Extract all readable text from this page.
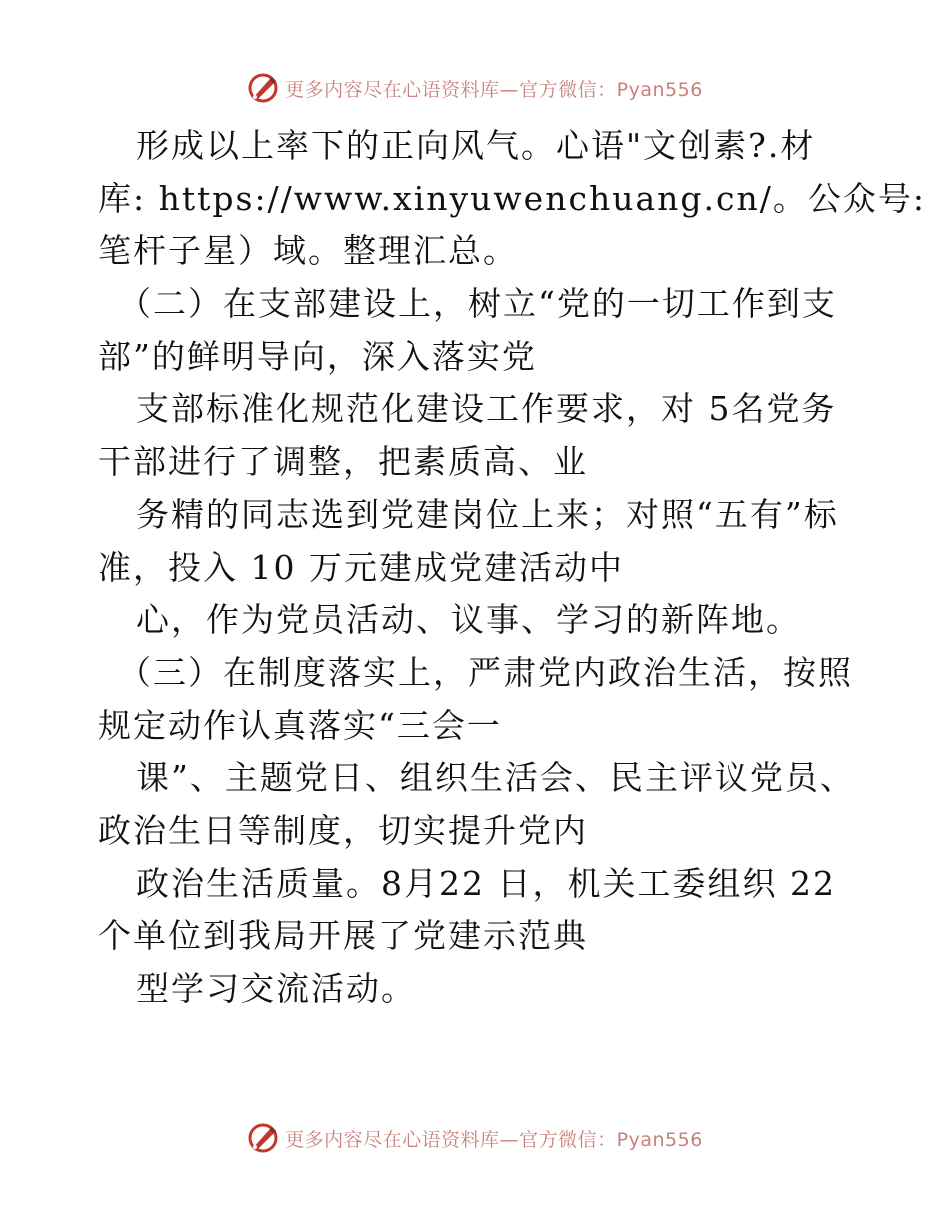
更多内容尽在心语资料库—官方微信：Pyan556
形成以上率下的正向风气。心语"文创素?.材
库: https://www.xinyuwenchuang.cn/。公众号:
笔杆子星）域。整理汇总。
（二）在支部建设上，树立“党的一切工作到支
部”的鲜明导向，深入落实党
支部标准化规范化建设工作要求，对 5名党务
干部进行了调整，把素质高、业
务精的同志选到党建岗位上来；对照“五有”标
准，投入 10 万元建成党建活动中
心，作为党员活动、议事、学习的新阵地。
（三）在制度落实上，严肃党内政治生活，按照
规定动作认真落实“三会一
课”、主题党日、组织生活会、民主评议党员、
政治生日等制度，切实提升党内
政治生活质量。8月22 日，机关工委组织 22
个单位到我局开展了党建示范典
型学习交流活动。
更多内容尽在心语资料库—官方微信：Pyan556
